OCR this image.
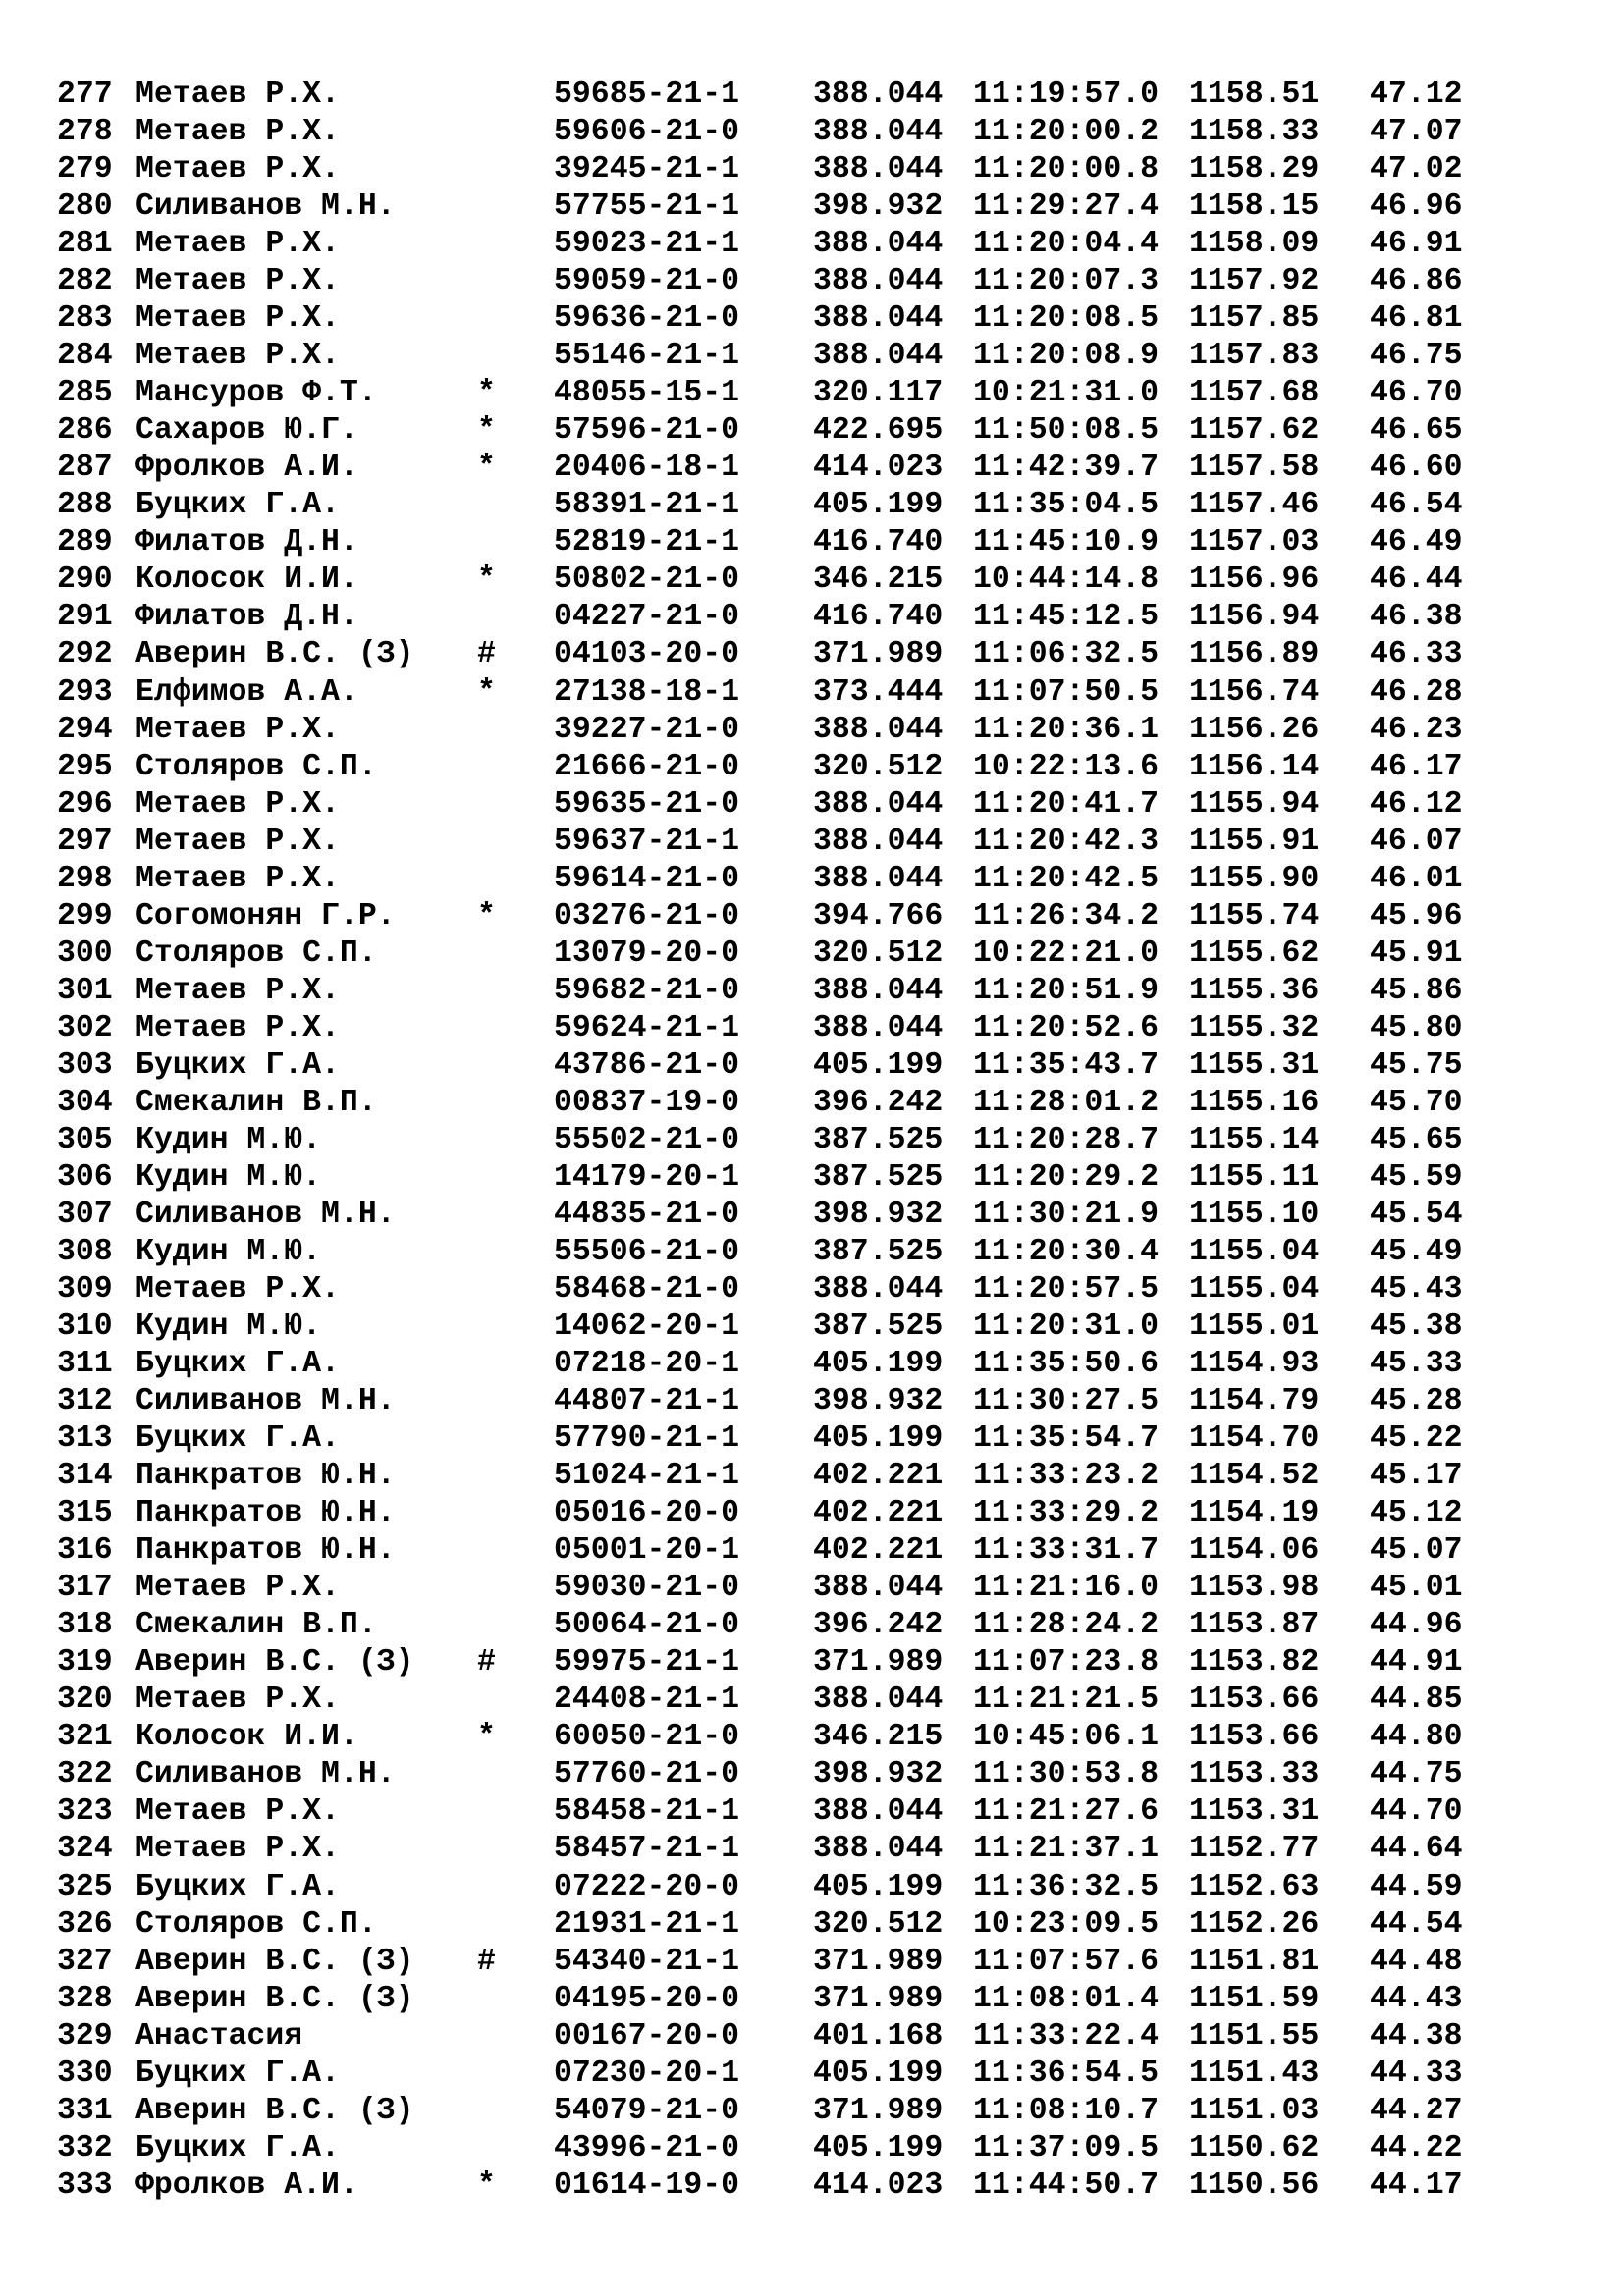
277 Метаев Р.Х.	59685-21-1 388.044 11:19:57.0 1158.51 47.12
278 Метаев Р.Х.	59606-21-0 388.044 11:20:00.2 1158.33 47.07
279 Метаев Р.Х.	39245-21-1 388.044 11:20:00.8 1158.29 47.02
280 Силиванов М.Н.	57755-21-1 398.932 11:29:27.4 1158.15 46.96
281 Метаев Р.Х.	59023-21-1 388.044 11:20:04.4 1158.09 46.91
282 Метаев Р.Х.	59059-21-0 388.044 11:20:07.3 1157.92 46.86
283 Метаев Р.Х.	59636-21-0 388.044 11:20:08.5 1157.85 46.81
284 Метаев Р.Х.	55146-21-1 388.044 11:20:08.9 1157.83 46.75
285 Мансуров Ф.Т.	* 48055-15-1 320.117 10:21:31.0 1157.68 46.70
286 Сахаров Ю.Г.	* 57596-21-0 422.695 11:50:08.5 1157.62 46.65
287 Фролков А.И.	* 20406-18-1 414.023 11:42:39.7 1157.58 46.60
288 Буцких Г.А.	58391-21-1 405.199 11:35:04.5 1157.46 46.54
289 Филатов Д.Н.	52819-21-1 416.740 11:45:10.9 1157.03 46.49
290 Колосок И.И.	* 50802-21-0 346.215 10:44:14.8 1156.96 46.44
291 Филатов Д.Н.	04227-21-0 416.740 11:45:12.5 1156.94 46.38
292 Аверин В.С. (З) # 04103-20-0 371.989 11:06:32.5 1156.89 46.33
293 Елфимов А.А.	* 27138-18-1 373.444 11:07:50.5 1156.74 46.28
294 Метаев Р.Х.	39227-21-0 388.044 11:20:36.1 1156.26 46.23
295 Столяров С.П.	21666-21-0 320.512 10:22:13.6 1156.14 46.17
296 Метаев Р.Х.	59635-21-0 388.044 11:20:41.7 1155.94 46.12
297 Метаев Р.Х.	59637-21-1 388.044 11:20:42.3 1155.91 46.07
298 Метаев Р.Х.	59614-21-0 388.044 11:20:42.5 1155.90 46.01
299 Согомонян Г.Р.	* 03276-21-0 394.766 11:26:34.2 1155.74 45.96
300 Столяров С.П.	13079-20-0 320.512 10:22:21.0 1155.62 45.91
301 Метаев Р.Х.	59682-21-0 388.044 11:20:51.9 1155.36 45.86
302 Метаев Р.Х.	59624-21-1 388.044 11:20:52.6 1155.32 45.80
303 Буцких Г.А.	43786-21-0 405.199 11:35:43.7 1155.31 45.75
304 Смекалин В.П.	00837-19-0 396.242 11:28:01.2 1155.16 45.70
305 Кудин М.Ю.	55502-21-0 387.525 11:20:28.7 1155.14 45.65
306 Кудин М.Ю.	14179-20-1 387.525 11:20:29.2 1155.11 45.59
307 Силиванов М.Н.	44835-21-0 398.932 11:30:21.9 1155.10 45.54
308 Кудин М.Ю.	55506-21-0 387.525 11:20:30.4 1155.04 45.49
309 Метаев Р.Х.	58468-21-0 388.044 11:20:57.5 1155.04 45.43
310 Кудин М.Ю.	14062-20-1 387.525 11:20:31.0 1155.01 45.38
311 Буцких Г.А.	07218-20-1 405.199 11:35:50.6 1154.93 45.33
312 Силиванов М.Н.	44807-21-1 398.932 11:30:27.5 1154.79 45.28
313 Буцких Г.А.	57790-21-1 405.199 11:35:54.7 1154.70 45.22
314 Панкратов Ю.Н.	51024-21-1 402.221 11:33:23.2 1154.52 45.17
315 Панкратов Ю.Н.	05016-20-0 402.221 11:33:29.2 1154.19 45.12
316 Панкратов Ю.Н.	05001-20-1 402.221 11:33:31.7 1154.06 45.07
317 Метаев Р.Х.	59030-21-0 388.044 11:21:16.0 1153.98 45.01
318 Смекалин В.П.	50064-21-0 396.242 11:28:24.2 1153.87 44.96
319 Аверин В.С. (З) # 59975-21-1 371.989 11:07:23.8 1153.82 44.91
320 Метаев Р.Х.	24408-21-1 388.044 11:21:21.5 1153.66 44.85
321 Колосок И.И.	* 60050-21-0 346.215 10:45:06.1 1153.66 44.80
322 Силиванов М.Н.	57760-21-0 398.932 11:30:53.8 1153.33 44.75
323 Метаев Р.Х.	58458-21-1 388.044 11:21:27.6 1153.31 44.70
324 Метаев Р.Х.	58457-21-1 388.044 11:21:37.1 1152.77 44.64
325 Буцких Г.А.	07222-20-0 405.199 11:36:32.5 1152.63 44.59
326 Столяров С.П.	21931-21-1 320.512 10:23:09.5 1152.26 44.54
327 Аверин В.С. (З) # 54340-21-1 371.989 11:07:57.6 1151.81 44.48
328 Аверин В.С. (З)	04195-20-0 371.989 11:08:01.4 1151.59 44.43
329 Анастасия	00167-20-0 401.168 11:33:22.4 1151.55 44.38
330 Буцких Г.А.	07230-20-1 405.199 11:36:54.5 1151.43 44.33
331 Аверин В.С. (З)	54079-21-0 371.989 11:08:10.7 1151.03 44.27
332 Буцких Г.А.	43996-21-0 405.199 11:37:09.5 1150.62 44.22
333 Фролков А.И.	* 01614-19-0 414.023 11:44:50.7 1150.56 44.17
